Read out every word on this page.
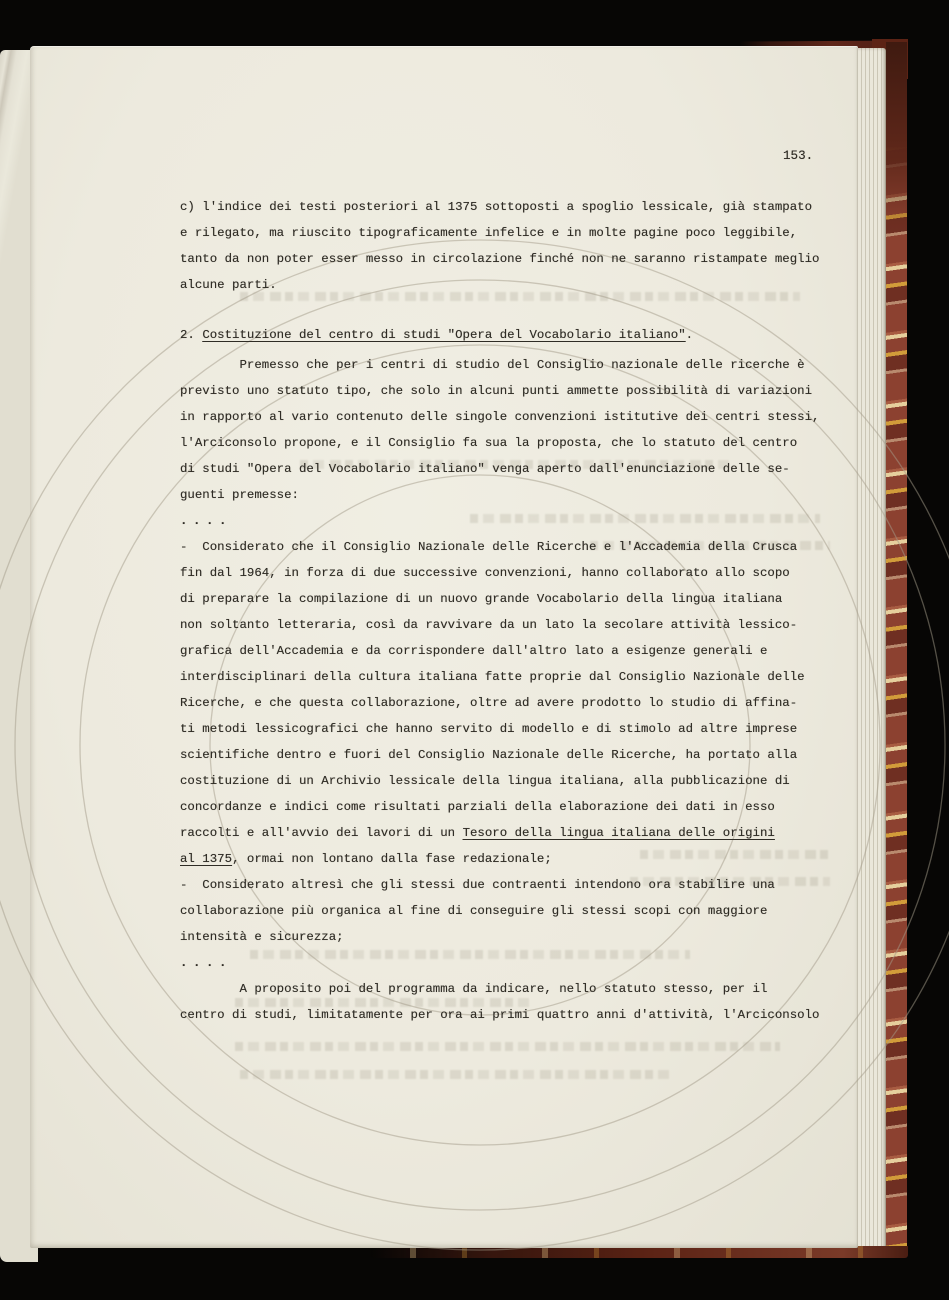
153.
c) l'indice dei testi posteriori al 1375 sottoposti a spoglio lessicale, già stampato
e rilegato, ma riuscito tipograficamente infelice e in molte pagine poco leggibile,
tanto da non poter esser messo in circolazione finché non ne saranno ristampate meglio
alcune parti.
2. Costituzione del centro di studi "Opera del Vocabolario italiano".
Premesso che per i centri di studio del Consiglio nazionale delle ricerche è
previsto uno statuto tipo, che solo in alcuni punti ammette possibilità di variazioni
in rapporto al vario contenuto delle singole convenzioni istitutive dei centri stessi,
l'Arciconsolo propone, e il Consiglio fa sua la proposta, che lo statuto del centro
di studi "Opera del Vocabolario italiano" venga aperto dall'enunciazione delle se-
guenti premesse:
....
-  Considerato che il Consiglio Nazionale delle Ricerche e l'Accademia della Crusca
fin dal 1964, in forza di due successive convenzioni, hanno collaborato allo scopo
di preparare la compilazione di un nuovo grande Vocabolario della lingua italiana
non soltanto letteraria, così da ravvivare da un lato la secolare attività lessico-
grafica dell'Accademia e da corrispondere dall'altro lato a esigenze generali e
interdisciplinari della cultura italiana fatte proprie dal Consiglio Nazionale delle
Ricerche, e che questa collaborazione, oltre ad avere prodotto lo studio di affina-
ti metodi lessicografici che hanno servito di modello e di stimolo ad altre imprese
scientifiche dentro e fuori del Consiglio Nazionale delle Ricerche, ha portato alla
costituzione di un Archivio lessicale della lingua italiana, alla pubblicazione di
concordanze e indici come risultati parziali della elaborazione dei dati in esso
raccolti e all'avvio dei lavori di un Tesoro della lingua italiana delle origini
al 1375, ormai non lontano dalla fase redazionale;
-  Considerato altresì che gli stessi due contraenti intendono ora stabilire una
collaborazione più organica al fine di conseguire gli stessi scopi con maggiore
intensità e sicurezza;
....
A proposito poi del programma da indicare, nello statuto stesso, per il
centro di studi, limitatamente per ora ai primi quattro anni d'attività, l'Arciconsolo
